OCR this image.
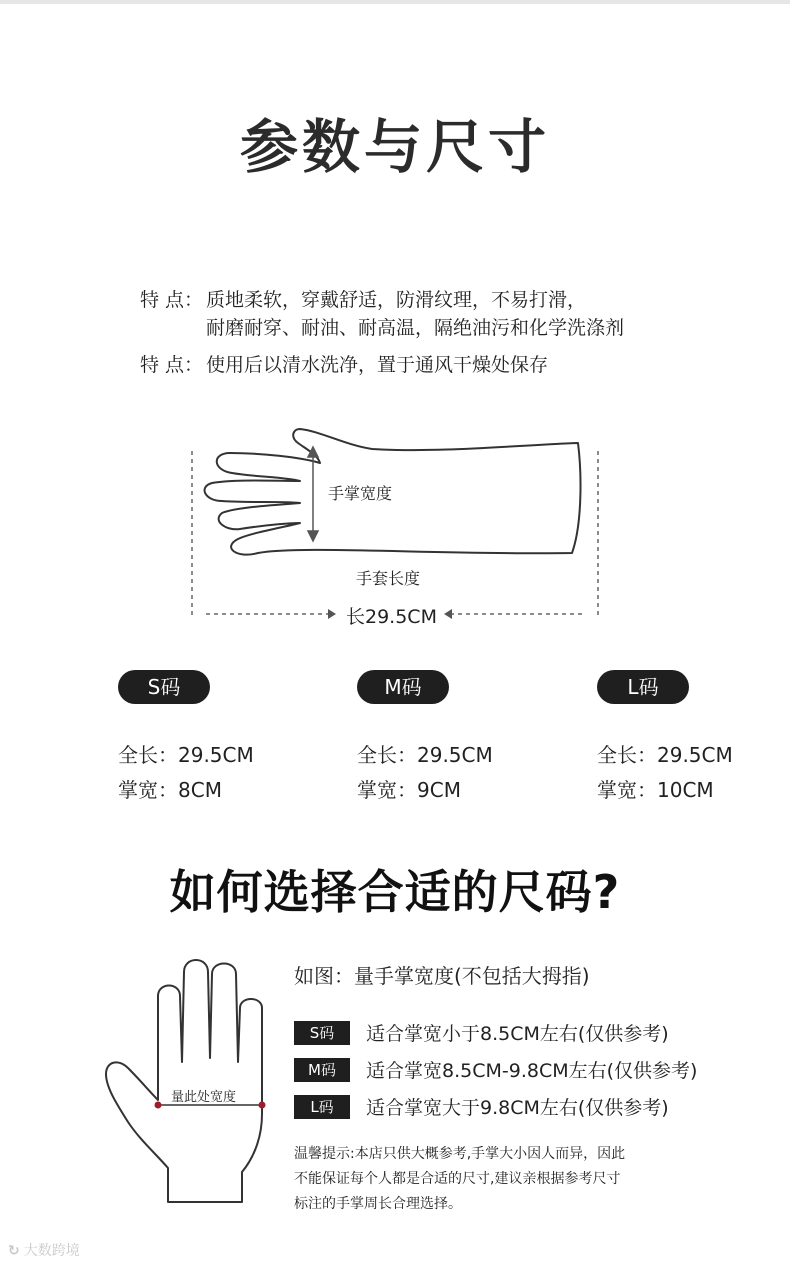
参数与尺寸
特 点： 质地柔软，穿戴舒适，防滑纹理，不易打滑，
耐磨耐穿、耐油、耐高温，隔绝油污和化学洗涤剂
特 点： 使用后以清水洗净，置于通风干燥处保存
手掌宽度
手套长度
长29.5CM
S码	M码	L码
全长：29.5CM
掌宽：8CM
全长：29.5CM
掌宽：9CM
全长：29.5CM
掌宽：10CM
如何选择合适的尺码?
量此处宽度
如图：量手掌宽度(不包括大拇指)
S码 适合掌宽小于8.5CM左右(仅供参考)
M码 适合掌宽8.5CM-9.8CM左右(仅供参考)
L码 适合掌宽大于9.8CM左右(仅供参考)
温馨提示:本店只供大概参考,手掌大小因人而异，因此
不能保证每个人都是合适的尺寸,建议亲根据参考尺寸
标注的手掌周长合理选择。
↻ 大数跨境
